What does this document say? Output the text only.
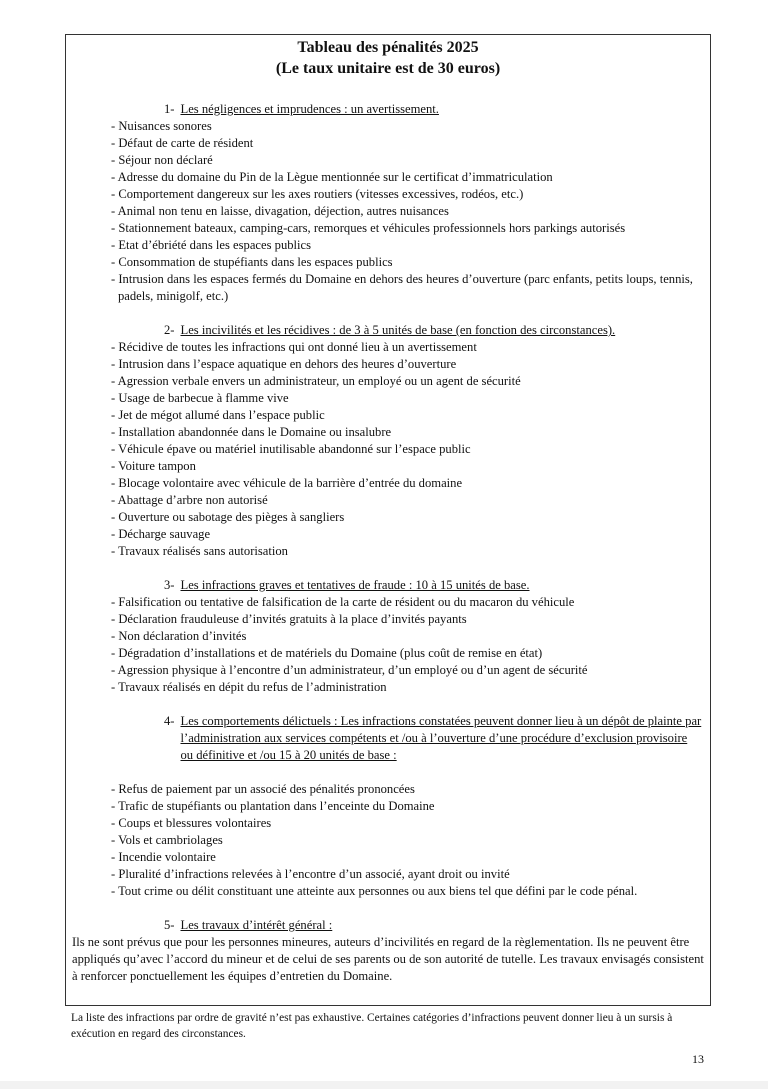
Tableau des pénalités 2025
(Le taux unitaire est de 30 euros)
1- Les négligences et imprudences : un avertissement.
- Nuisances sonores
- Défaut de carte de résident
- Séjour non déclaré
- Adresse du domaine du Pin de la Lègue mentionnée sur le certificat d’immatriculation
- Comportement dangereux sur les axes routiers (vitesses excessives, rodéos, etc.)
- Animal non tenu en laisse, divagation, déjection, autres nuisances
- Stationnement bateaux, camping-cars, remorques et véhicules professionnels hors parkings autorisés
- Etat d’ébriété dans les espaces publics
- Consommation de stupéfiants dans les espaces publics
- Intrusion dans les espaces fermés du Domaine en dehors des heures d’ouverture (parc enfants, petits loups, tennis, padels, minigolf, etc.)
2- Les incivilités et les récidives : de 3 à 5 unités de base (en fonction des circonstances).
- Récidive de toutes les infractions qui ont donné lieu à un avertissement
- Intrusion dans l’espace aquatique en dehors des heures d’ouverture
- Agression verbale envers un administrateur, un employé ou un agent de sécurité
- Usage de barbecue à flamme vive
- Jet de mégot allumé dans l’espace public
- Installation abandonnée dans le Domaine ou insalubre
- Véhicule épave ou matériel inutilisable abandonné sur l’espace public
- Voiture tampon
- Blocage volontaire avec véhicule de la barrière d’entrée du domaine
- Abattage d’arbre non autorisé
- Ouverture ou sabotage des pièges à sangliers
- Décharge sauvage
- Travaux réalisés sans autorisation
3- Les infractions graves et tentatives de fraude : 10 à 15 unités de base.
- Falsification ou tentative de falsification de la carte de résident ou du macaron du véhicule
- Déclaration frauduleuse d’invités gratuits à la place d’invités payants
- Non déclaration d’invités
- Dégradation d’installations et de matériels du Domaine (plus coût de remise en état)
- Agression physique à l’encontre d’un administrateur, d’un employé ou d’un agent de sécurité
- Travaux réalisés en dépit du refus de l’administration
4- Les comportements délictuels : Les infractions constatées peuvent donner lieu à un dépôt de plainte par l’administration aux services compétents et /ou à l’ouverture d’une procédure d’exclusion provisoire ou définitive et /ou 15 à 20 unités de base :
- Refus de paiement par un associé des pénalités prononcées
- Trafic de stupéfiants ou plantation dans l’enceinte du Domaine
- Coups et blessures volontaires
- Vols et cambriolages
- Incendie volontaire
- Pluralité d’infractions relevées à l’encontre d’un associé, ayant droit ou invité
- Tout crime ou délit constituant une atteinte aux personnes ou aux biens tel que défini par le code pénal.
5- Les travaux d’intérêt général :
Ils ne sont prévus que pour les personnes mineures, auteurs d’incivilités en regard de la règlementation. Ils ne peuvent être appliqués qu’avec l’accord du mineur et de celui de ses parents ou de son autorité de tutelle. Les travaux envisagés consistent à renforcer ponctuellement les équipes d’entretien du Domaine.
La liste des infractions par ordre de gravité n’est pas exhaustive. Certaines catégories d’infractions peuvent donner lieu à un sursis à exécution en regard des circonstances.
13
